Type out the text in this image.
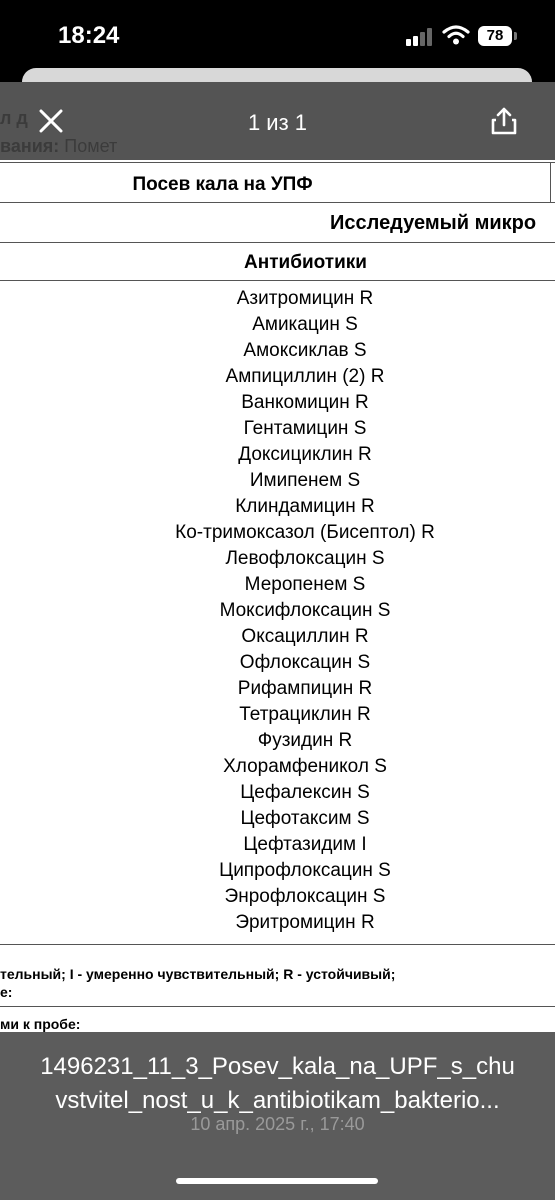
18:24	78
Посев кала на УПФ
Исследуемый микро
Антибиотики
Азитромицин R
Амикацин S
Амоксиклав S
Ампициллин (2) R
Ванкомицин R
Гентамицин S
Доксициклин R
Имипенем S
Клиндамицин R
Ко-тримоксазол (Бисептол) R
Левофлоксацин S
Меропенем S
Моксифлоксацин S
Оксациллин R
Офлоксацин S
Рифампицин R
Тетрациклин R
Фузидин R
Хлорамфеникол S
Цефалексин S
Цефотаксим S
Цефтазидим I
Ципрофлоксацин S
Энрофлоксацин S
Эритромицин R
тельный; I - умеренно чувствительный; R - устойчивый;
е:
ми к пробе:
1 из 1
1496231_11_3_Posev_kala_na_UPF_s_chu
vstvitel_nost_u_k_antibiotikam_bakterio...
10 апр. 2025 г., 17:40
